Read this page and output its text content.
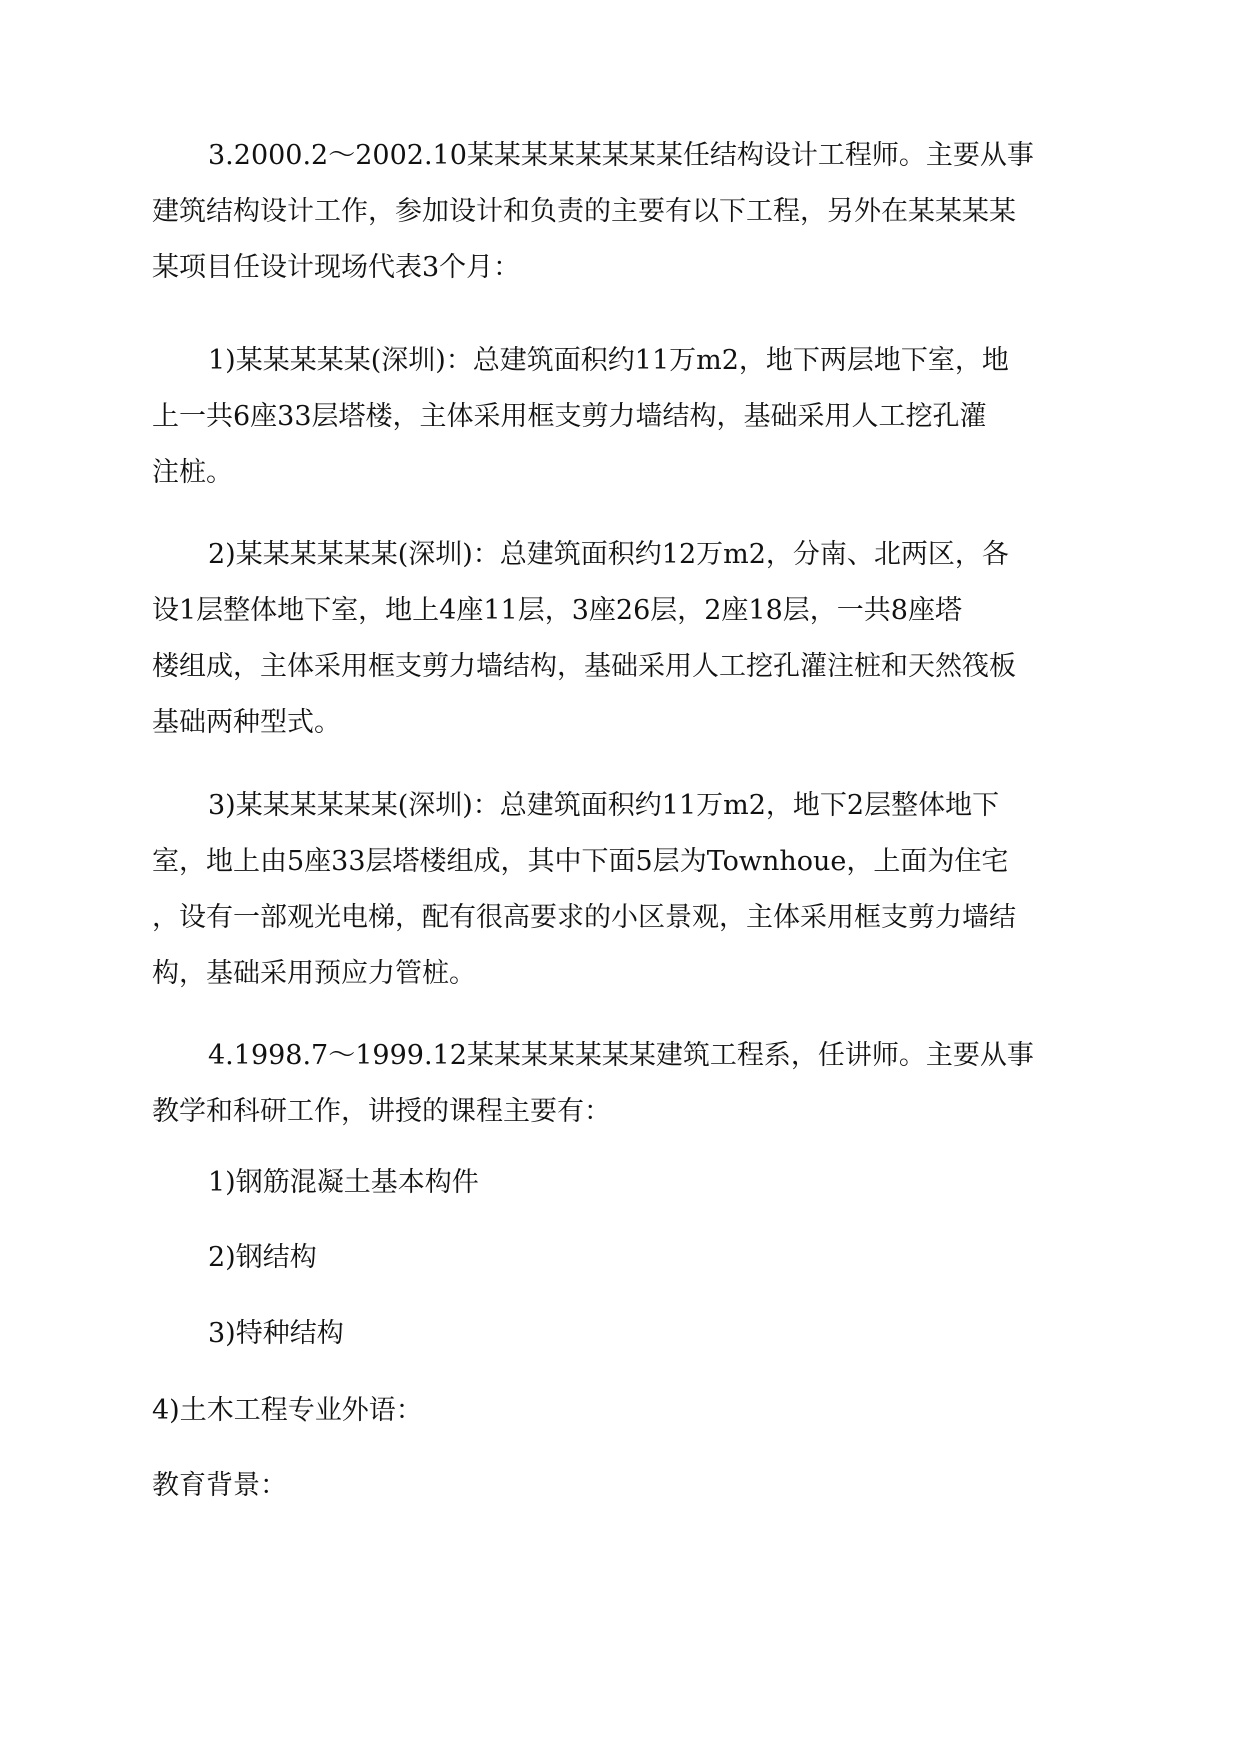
3.2000.2～2002.10某某某某某某某某任结构设计工程师。主要从事
建筑结构设计工作，参加设计和负责的主要有以下工程，另外在某某某某
某项目任设计现场代表3个月：
1)某某某某某(深圳)：总建筑面积约11万m2，地下两层地下室，地
上一共6座33层塔楼，主体采用框支剪力墙结构，基础采用人工挖孔灌
注桩。
2)某某某某某某(深圳)：总建筑面积约12万m2，分南、北两区，各
设1层整体地下室，地上4座11层，3座26层，2座18层，一共8座塔
楼组成，主体采用框支剪力墙结构，基础采用人工挖孔灌注桩和天然筏板
基础两种型式。
3)某某某某某某(深圳)：总建筑面积约11万m2，地下2层整体地下
室，地上由5座33层塔楼组成，其中下面5层为Townhoue，上面为住宅
，设有一部观光电梯，配有很高要求的小区景观，主体采用框支剪力墙结
构，基础采用预应力管桩。
4.1998.7～1999.12某某某某某某某建筑工程系，任讲师。主要从事
教学和科研工作，讲授的课程主要有：
1)钢筋混凝土基本构件
2)钢结构
3)特种结构
4)土木工程专业外语：
教育背景：
